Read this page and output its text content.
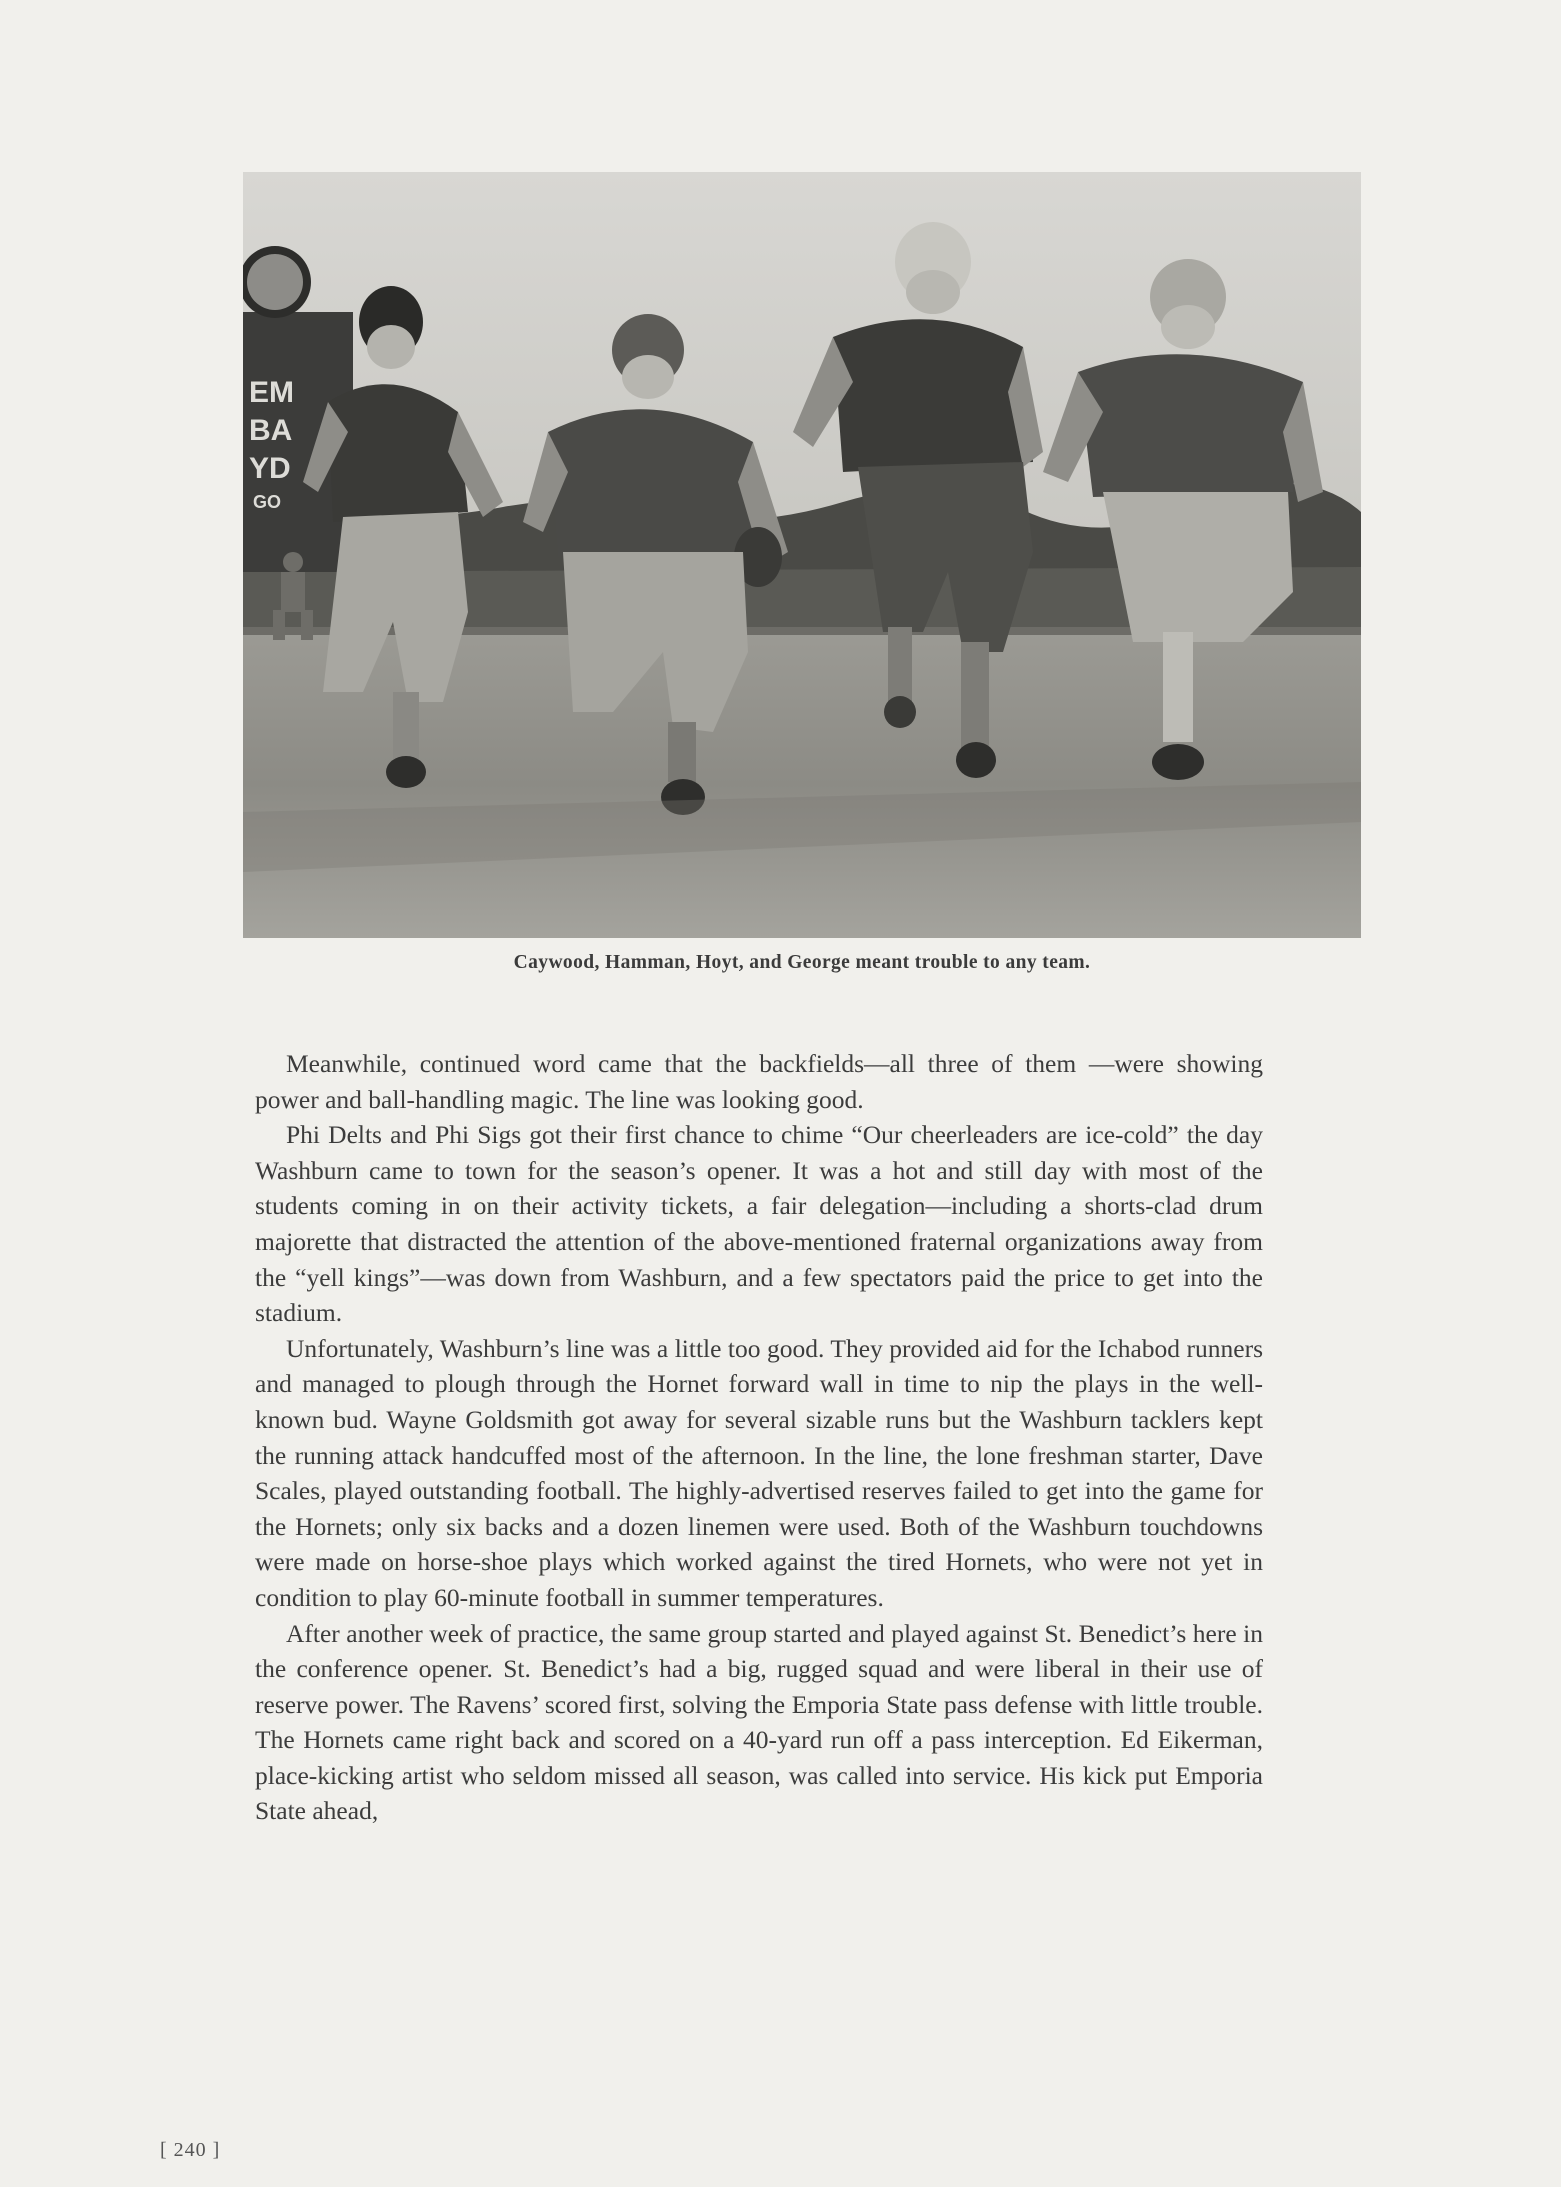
EM
BA
YD
GO
Caywood, Hamman, Hoyt, and George meant trouble to any team.

Meanwhile, continued word came that the backfields—all three of them —were showing power and ball-handling magic. The line was looking good.

Phi Delts and Phi Sigs got their first chance to chime “Our cheerleaders are ice-cold” the day Washburn came to town for the season’s opener. It was a hot and still day with most of the students coming in on their activity tickets, a fair delegation—including a shorts-clad drum majorette that distracted the attention of the above-mentioned fraternal organizations away from the “yell kings”—was down from Washburn, and a few spectators paid the price to get into the stadium.

Unfortunately, Washburn’s line was a little too good. They provided aid for the Ichabod runners and managed to plough through the Hornet forward wall in time to nip the plays in the well-known bud. Wayne Goldsmith got away for several sizable runs but the Washburn tacklers kept the running attack handcuffed most of the afternoon. In the line, the lone freshman starter, Dave Scales, played outstanding football. The highly-advertised reserves failed to get into the game for the Hornets; only six backs and a dozen linemen were used. Both of the Washburn touchdowns were made on horse-shoe plays which worked against the tired Hornets, who were not yet in condition to play 60-minute football in summer temperatures.

After another week of practice, the same group started and played against St. Benedict’s here in the conference opener. St. Benedict’s had a big, rugged squad and were liberal in their use of reserve power. The Ravens’ scored first, solving the Emporia State pass defense with little trouble. The Hornets came right back and scored on a 40-yard run off a pass interception. Ed Eikerman, place-kicking artist who seldom missed all season, was called into service. His kick put Emporia State ahead,

[ 240 ]
